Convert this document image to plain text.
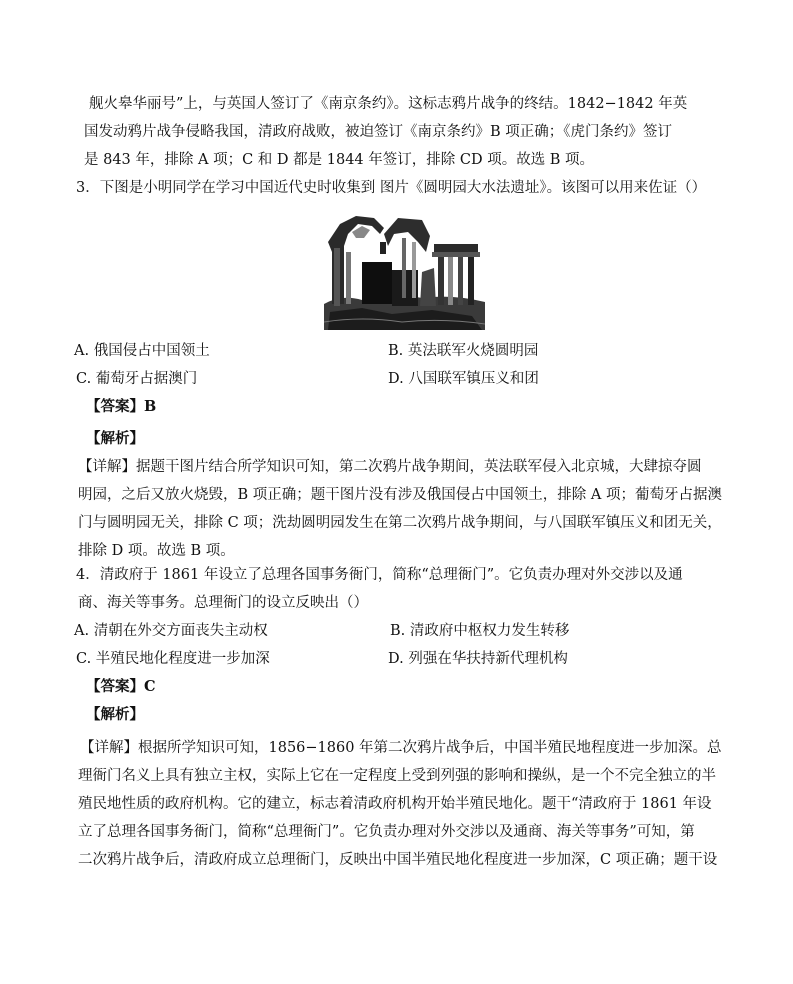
舰火皋华丽号”上，与英国人签订了《南京条约》。这标志鸦片战争的终结。1842−1842 年英
国发动鸦片战争侵略我国，清政府战败，被迫签订《南京条约》B 项正确；《虎门条约》签订
是 843 年，排除 A 项；C 和 D 都是 1844 年签订，排除 CD 项。故选 B 项。
3．下图是小明同学在学习中国近代史时收集到 图片《圆明园大水法遗址》。该图可以用来佐证（）
A. 俄国侵占中国领土	B. 英法联军火烧圆明园
C. 葡萄牙占据澳门	D. 八国联军镇压义和团
【答案】B
【解析】
【详解】据题干图片结合所学知识可知，第二次鸦片战争期间，英法联军侵入北京城，大肆掠夺圆
明园，之后又放火烧毁，B 项正确；题干图片没有涉及俄国侵占中国领土，排除 A 项；葡萄牙占据澳
门与圆明园无关，排除 C 项；洗劫圆明园发生在第二次鸦片战争期间，与八国联军镇压义和团无关，
排除 D 项。故选 B 项。
4．清政府于 1861 年设立了总理各国事务衙门，简称“总理衙门”。它负责办理对外交涉以及通
商、海关等事务。总理衙门的设立反映出（）
A. 清朝在外交方面丧失主动权	B. 清政府中枢权力发生转移
C. 半殖民地化程度进一步加深	D. 列强在华扶持新代理机构
【答案】C
【解析】
【详解】根据所学知识可知，1856−1860 年第二次鸦片战争后，中国半殖民地程度进一步加深。总
理衙门名义上具有独立主权，实际上它在一定程度上受到列强的影响和操纵，是一个不完全独立的半
殖民地性质的政府机构。它的建立，标志着清政府机构开始半殖民地化。题干“清政府于 1861 年设
立了总理各国事务衙门，简称“总理衙门”。它负责办理对外交涉以及通商、海关等事务”可知，第
二次鸦片战争后，清政府成立总理衙门，反映出中国半殖民地化程度进一步加深，C 项正确；题干设
